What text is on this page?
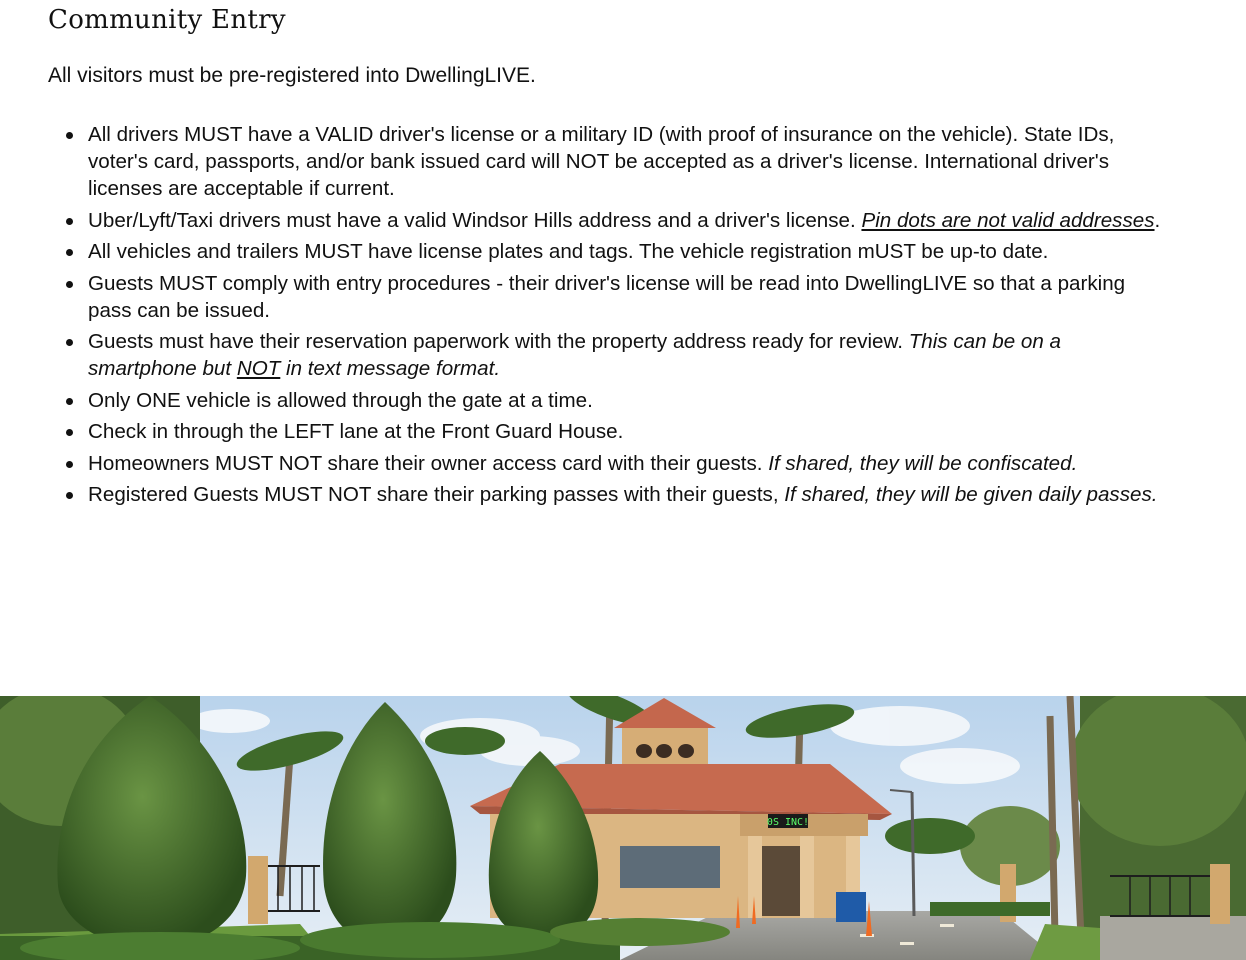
Community Entry

All visitors must be pre-registered into DwellingLIVE.

All drivers MUST have a VALID driver's license or a military ID (with proof of insurance on the vehicle). State IDs, voter's card, passports, and/or bank issued card will NOT be accepted as a driver's license. International driver's licenses are acceptable if current.
Uber/Lyft/Taxi drivers must have a valid Windsor Hills address and a driver's license. Pin dots are not valid addresses.
All vehicles and trailers MUST have license plates and tags. The vehicle registration mUST be up-to date.
Guests MUST comply with entry procedures - their driver's license will be read into DwellingLIVE so that a parking pass can be issued.
Guests must have their reservation paperwork with the property address ready for review. This can be on a smartphone but NOT in text message format.
Only ONE vehicle is allowed through the gate at a time.
Check in through the LEFT lane at the Front Guard House.
Homeowners MUST NOT share their owner access card with their guests. If shared, they will be confiscated.
Registered Guests MUST NOT share their parking passes with their guests, If shared, they will be given daily passes.
0S INC!
